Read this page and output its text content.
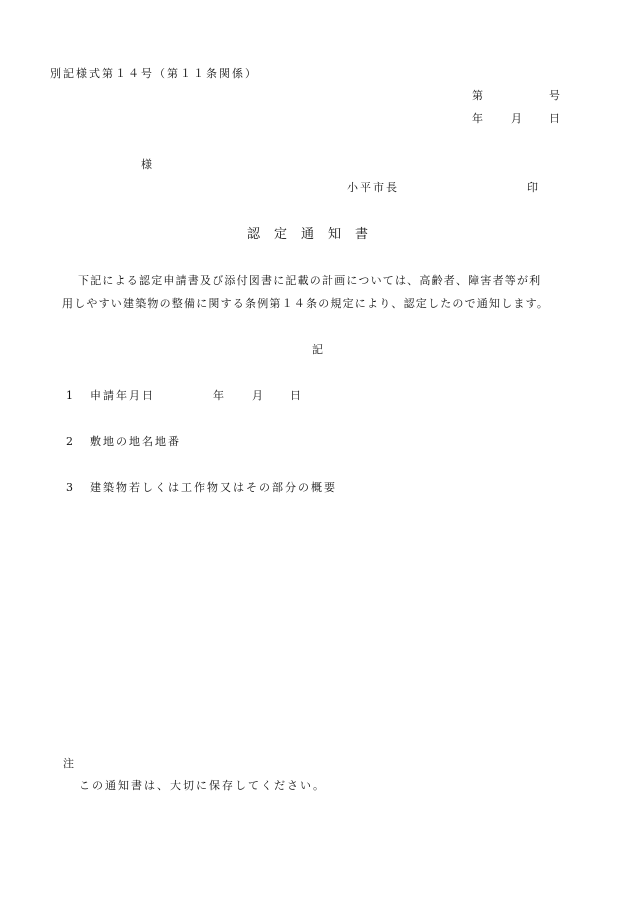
別記様式第１４号（第１１条関係）
第	号
年	月 日
様
小平市長	印
認定通知書
下記による認定申請書及び添付図書に記載の計画については、高齢者、障害者等が利
用しやすい建築物の整備に関する条例第１４条の規定により、認定したので通知します。
記
1 申請年月日	年	月 日
2 敷地の地名地番
3 建築物若しくは工作物又はその部分の概要
注
この通知書は、大切に保存してください。
